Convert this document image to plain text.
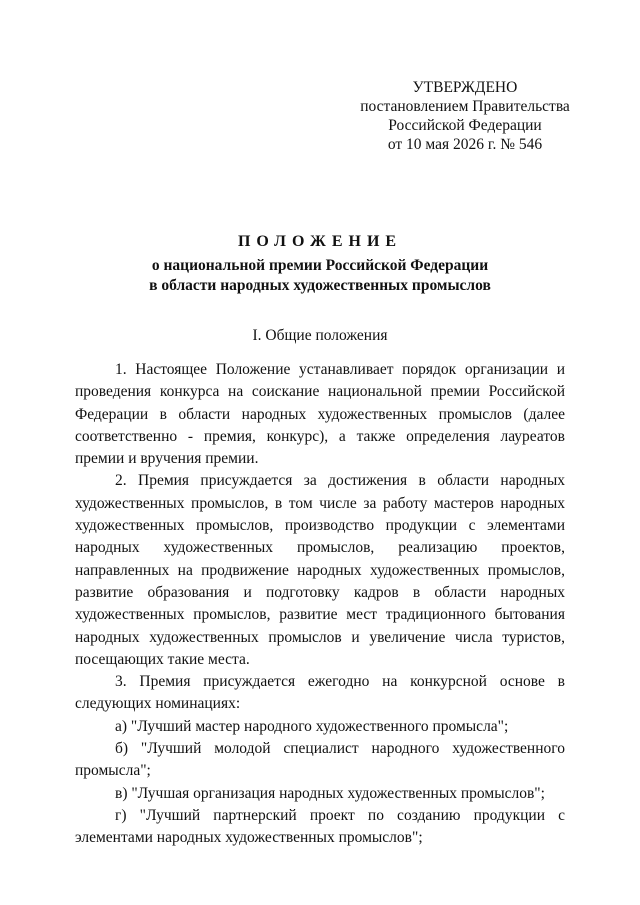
УТВЕРЖДЕНО
постановлением Правительства
Российской Федерации
от 10 мая 2026 г. № 546
ПОЛОЖЕНИЕ
о национальной премии Российской Федерации
в области народных художественных промыслов
I. Общие положения

1. Настоящее Положение устанавливает порядок организации и проведения конкурса на соискание национальной премии Российской Федерации в области народных художественных промыслов (далее соответственно - премия, конкурс), а также определения лауреатов премии и вручения премии.

2. Премия присуждается за достижения в области народных художественных промыслов, в том числе за работу мастеров народных художественных промыслов, производство продукции с элементами народных художественных промыслов, реализацию проектов, направленных на продвижение народных художественных промыслов, развитие образования и подготовку кадров в области народных художественных промыслов, развитие мест традиционного бытования народных художественных промыслов и увеличение числа туристов, посещающих такие места.

3. Премия присуждается ежегодно на конкурсной основе в следующих номинациях:

а) "Лучший мастер народного художественного промысла";

б) "Лучший молодой специалист народного художественного промысла";

в) "Лучшая организация народных художественных промыслов";

г) "Лучший партнерский проект по созданию продукции с элементами народных художественных промыслов";
